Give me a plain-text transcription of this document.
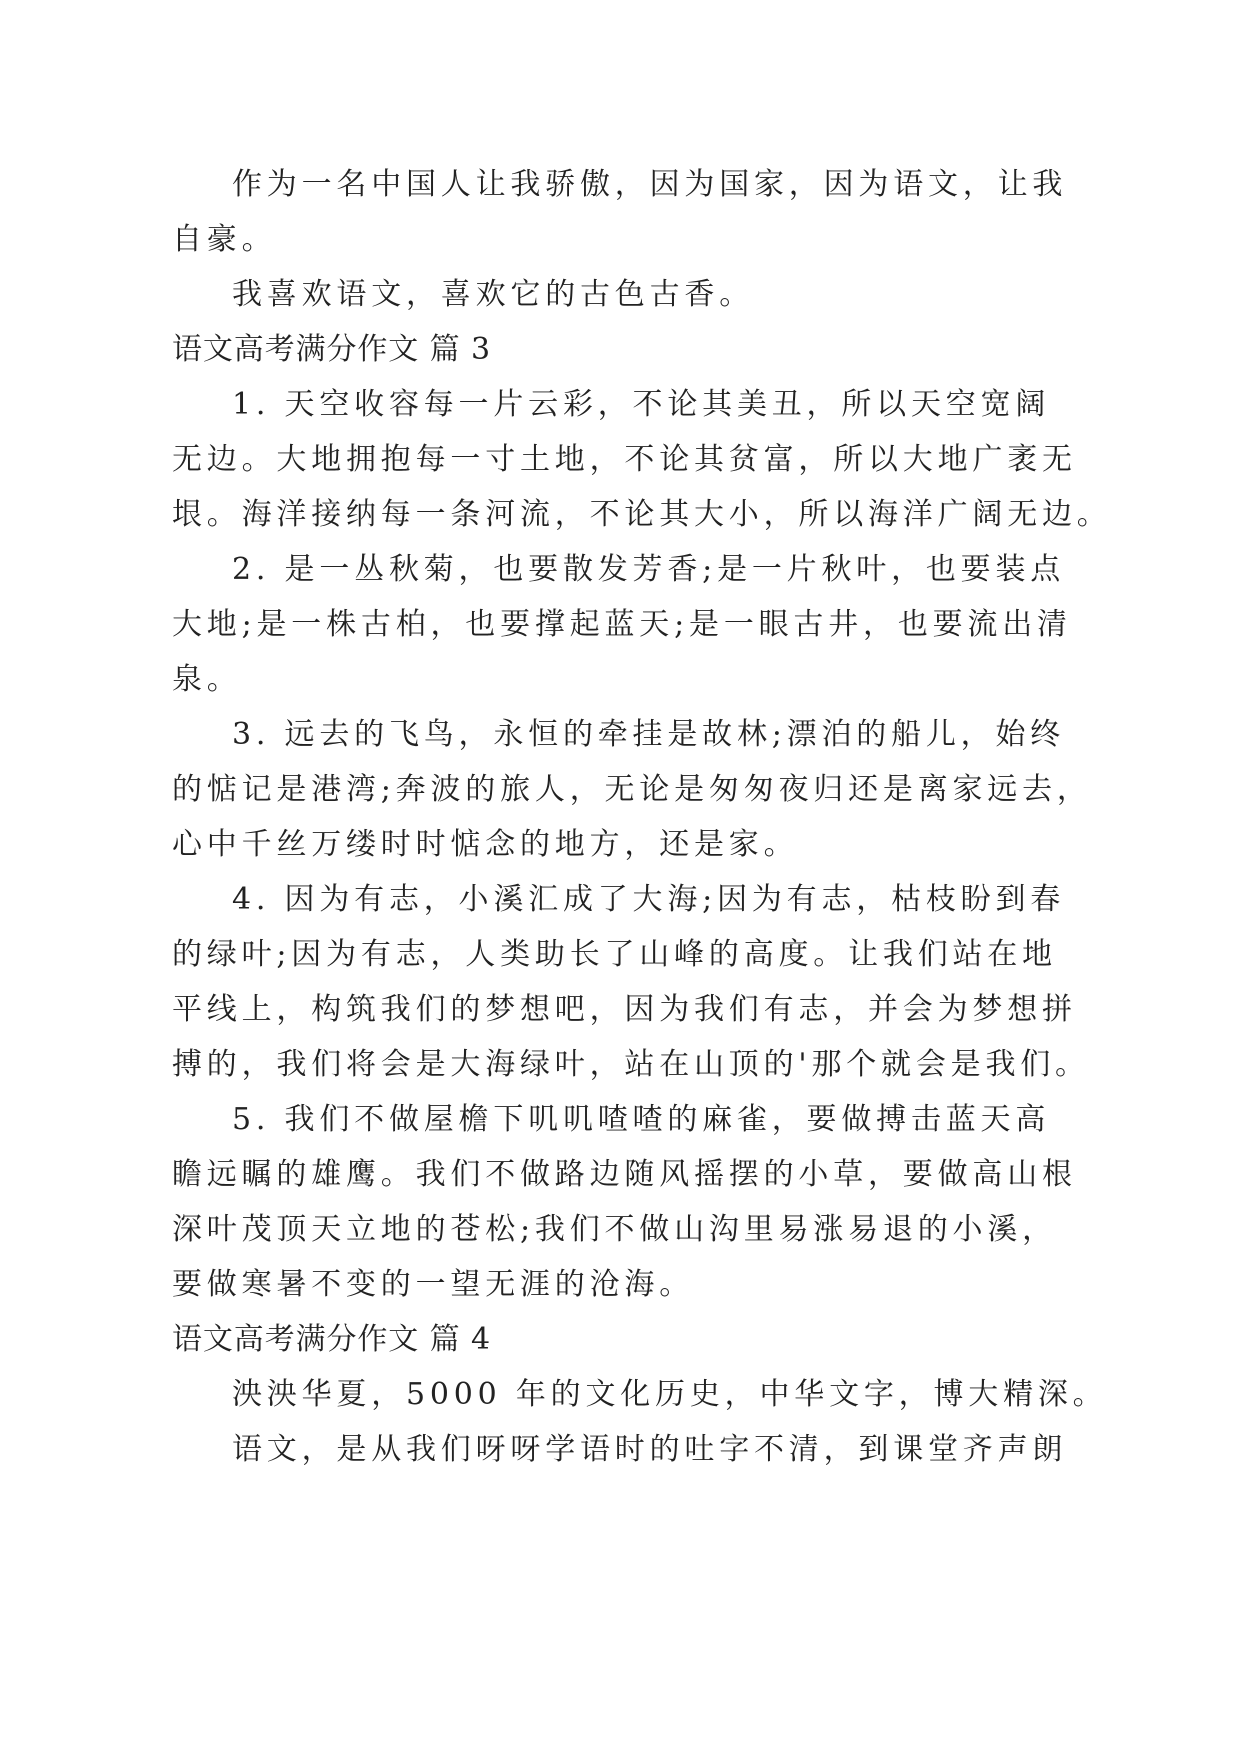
作为一名中国人让我骄傲，因为国家，因为语文，让我
自豪。
我喜欢语文，喜欢它的古色古香。
语文高考满分作文 篇 3
1. 天空收容每一片云彩，不论其美丑，所以天空宽阔
无边。大地拥抱每一寸土地，不论其贫富，所以大地广袤无
垠。海洋接纳每一条河流，不论其大小，所以海洋广阔无边。
2. 是一丛秋菊，也要散发芳香;是一片秋叶，也要装点
大地;是一株古柏，也要撑起蓝天;是一眼古井，也要流出清
泉。
3. 远去的飞鸟，永恒的牵挂是故林;漂泊的船儿，始终
的惦记是港湾;奔波的旅人，无论是匆匆夜归还是离家远去，
心中千丝万缕时时惦念的地方，还是家。
4. 因为有志，小溪汇成了大海;因为有志，枯枝盼到春
的绿叶;因为有志，人类助长了山峰的高度。让我们站在地
平线上，构筑我们的梦想吧，因为我们有志，并会为梦想拼
搏的，我们将会是大海绿叶，站在山顶的'那个就会是我们。
5. 我们不做屋檐下叽叽喳喳的麻雀，要做搏击蓝天高
瞻远瞩的雄鹰。我们不做路边随风摇摆的小草，要做高山根
深叶茂顶天立地的苍松;我们不做山沟里易涨易退的小溪，
要做寒暑不变的一望无涯的沧海。
语文高考满分作文 篇 4
泱泱华夏，5000 年的文化历史，中华文字，博大精深。
语文，是从我们呀呀学语时的吐字不清，到课堂齐声朗
